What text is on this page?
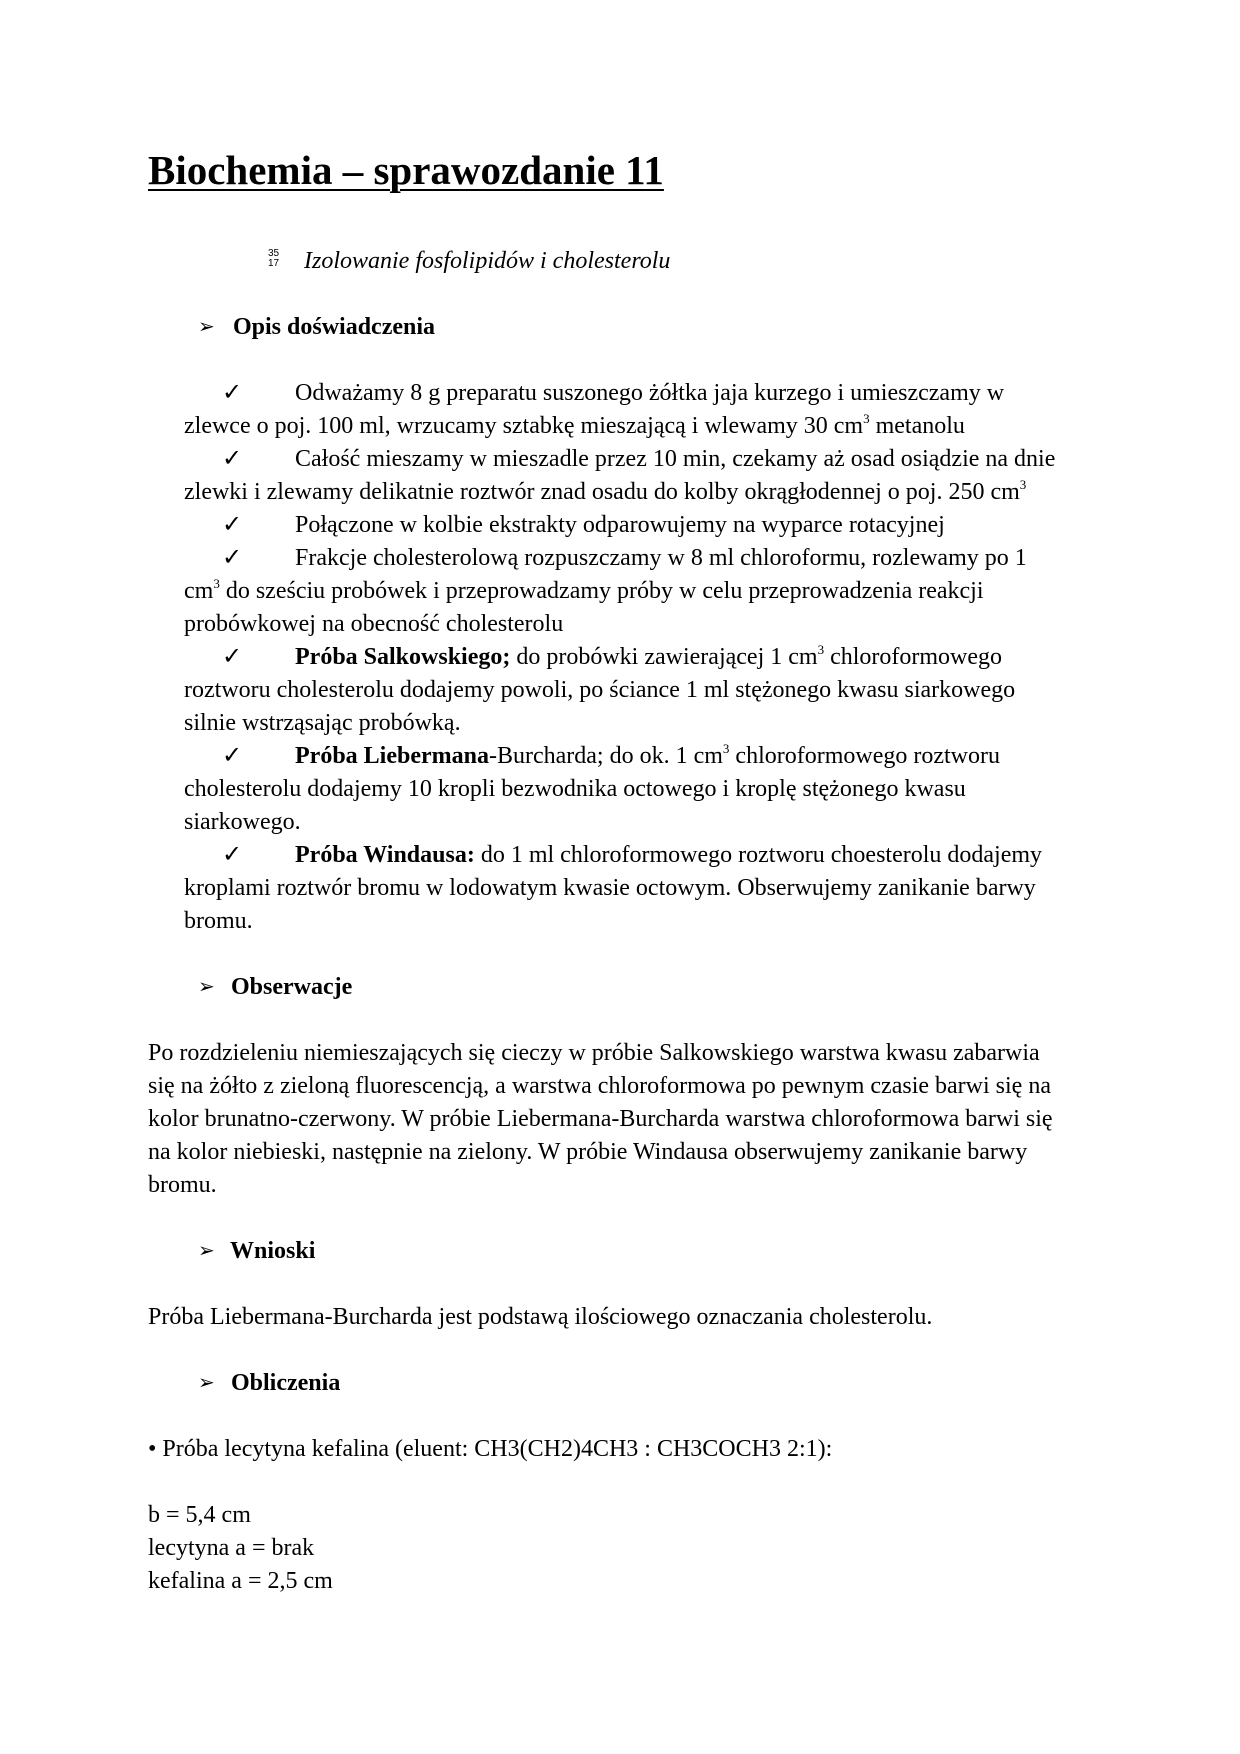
Biochemia – sprawozdanie 11
35
17 Izolowanie fosfolipidów i cholesterolu
➢ Opis doświadczenia
✓ Odważamy 8 g preparatu suszonego żółtka jaja kurzego i umieszczamy w
zlewce o poj. 100 ml, wrzucamy sztabkę mieszającą i wlewamy 30 $cm^3$ metanolu
✓ Całość mieszamy w mieszadle przez 10 min, czekamy aż osad osiądzie na dnie
zlewki i zlewamy delikatnie roztwór znad osadu do kolby okrągłodennej o poj. 250 $cm^3$
✓ Połączone w kolbie ekstrakty odparowujemy na wyparce rotacyjnej
✓ Frakcje cholesterolową rozpuszczamy w 8 ml chloroformu, rozlewamy po 1
$cm^3$ do sześciu probówek i przeprowadzamy próby w celu przeprowadzenia reakcji
probówkowej na obecność cholesterolu
✓ Próba Salkowskiego; do probówki zawierającej 1 $cm^3$ chloroformowego
roztworu cholesterolu dodajemy powoli, po ściance 1 ml stężonego kwasu siarkowego
silnie wstrząsając probówką.
✓ Próba Liebermana-Burcharda; do ok. 1 $cm^3$ chloroformowego roztworu
cholesterolu dodajemy 10 kropli bezwodnika octowego i kroplę stężonego kwasu
siarkowego.
✓ Próba Windausa: do 1 ml chloroformowego roztworu choesterolu dodajemy
kroplami roztwór bromu w lodowatym kwasie octowym. Obserwujemy zanikanie barwy
bromu.
➢ Obserwacje
Po rozdzieleniu niemieszających się cieczy w próbie Salkowskiego warstwa kwasu zabarwia
się na żółto z zieloną fluorescencją, a warstwa chloroformowa po pewnym czasie barwi się na
kolor brunatno-czerwony. W próbie Liebermana-Burcharda warstwa chloroformowa barwi się
na kolor niebieski, następnie na zielony. W próbie Windausa obserwujemy zanikanie barwy
bromu.
➢ Wnioski
Próba Liebermana-Burcharda jest podstawą ilościowego oznaczania cholesterolu.
➢ Obliczenia
• Próba lecytyna kefalina (eluent: CH3(CH2)4CH3 : CH3COCH3 2:1):
b = 5,4 cm
lecytyna a = brak
kefalina a = 2,5 cm
